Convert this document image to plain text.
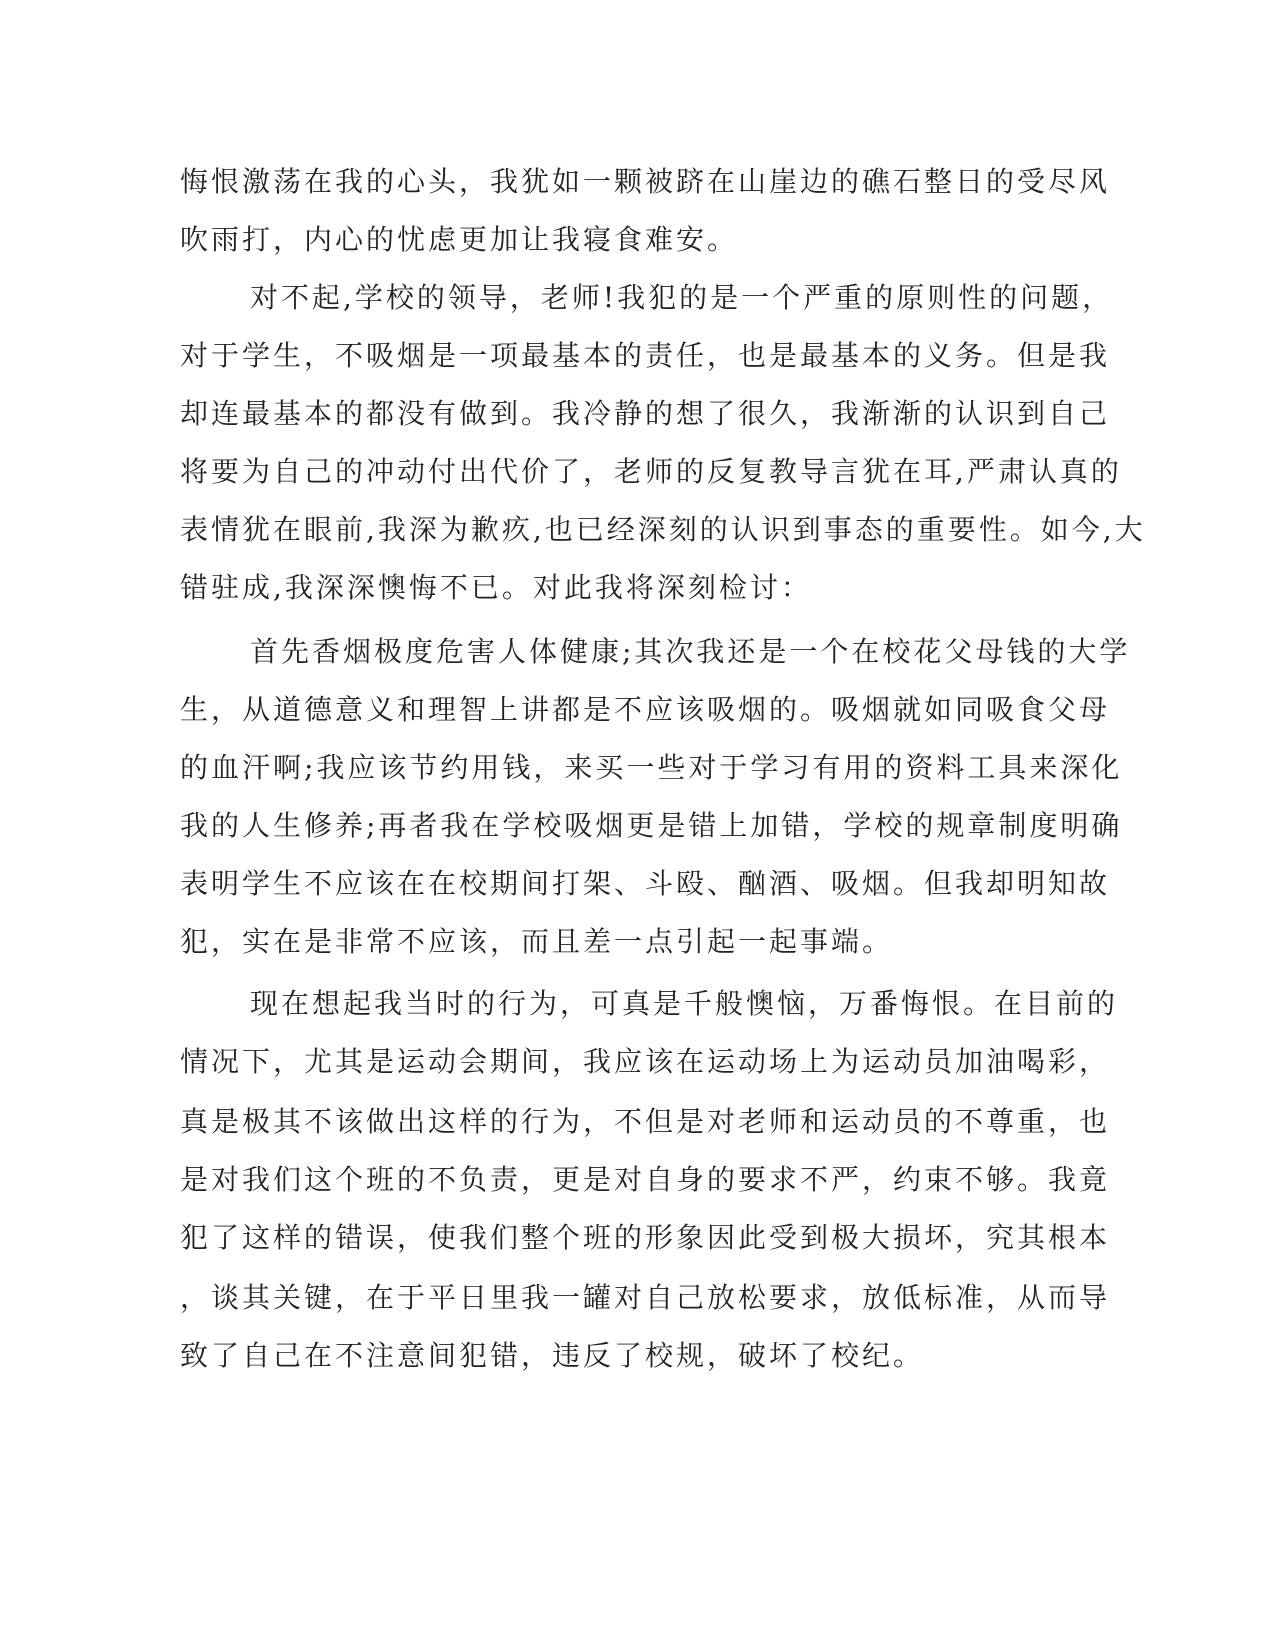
悔恨激荡在我的心头，我犹如一颗被跻在山崖边的礁石整日的受尽风

吹雨打，内心的忧虑更加让我寝食难安。

对不起,学校的领导，老师!我犯的是一个严重的原则性的问题，

对于学生，不吸烟是一项最基本的责任，也是最基本的义务。但是我

却连最基本的都没有做到。我冷静的想了很久，我渐渐的认识到自己

将要为自己的冲动付出代价了，老师的反复教导言犹在耳,严肃认真的

表情犹在眼前,我深为歉疚,也已经深刻的认识到事态的重要性。如今,大

错驻成,我深深懊悔不已。对此我将深刻检讨：

首先香烟极度危害人体健康;其次我还是一个在校花父母钱的大学

生，从道德意义和理智上讲都是不应该吸烟的。吸烟就如同吸食父母

的血汗啊;我应该节约用钱，来买一些对于学习有用的资料工具来深化

我的人生修养;再者我在学校吸烟更是错上加错，学校的规章制度明确

表明学生不应该在在校期间打架、斗殴、酗酒、吸烟。但我却明知故

犯，实在是非常不应该，而且差一点引起一起事端。

现在想起我当时的行为，可真是千般懊恼，万番悔恨。在目前的

情况下，尤其是运动会期间，我应该在运动场上为运动员加油喝彩，

真是极其不该做出这样的行为，不但是对老师和运动员的不尊重，也

是对我们这个班的不负责，更是对自身的要求不严，约束不够。我竟

犯了这样的错误，使我们整个班的形象因此受到极大损坏，究其根本

，谈其关键，在于平日里我一罐对自己放松要求，放低标准，从而导

致了自己在不注意间犯错，违反了校规，破坏了校纪。
